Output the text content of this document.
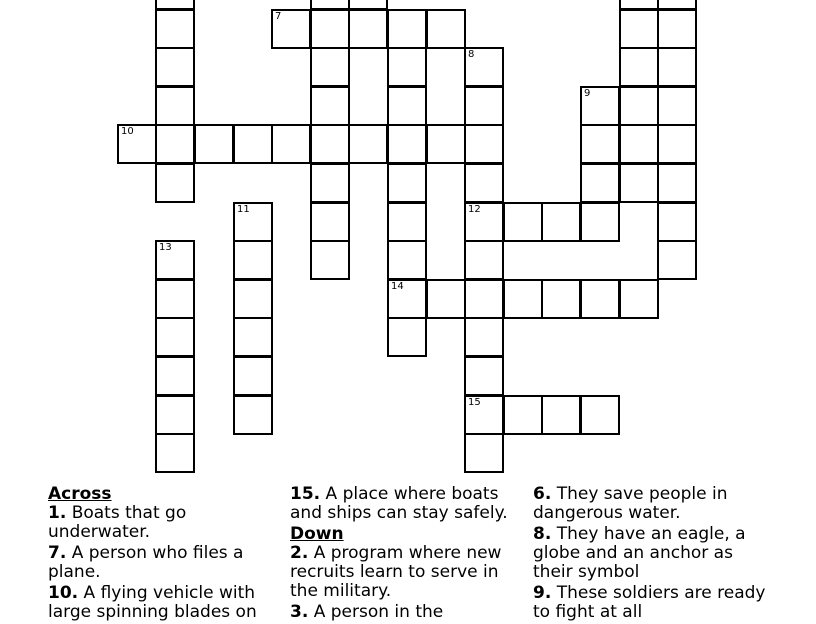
7
8
9
10
11	12
13
14
15
Across
1. Boats that go underwater.
7. A person who files a plane.
10. A flying vehicle with large spinning blades on
15. A place where boats and ships can stay safely.
Down
2. A program where new recruits learn to serve in the military.
3. A person in the
6. They save people in dangerous water.
8. They have an eagle, a globe and an anchor as their symbol
9. These soldiers are ready to fight at all
